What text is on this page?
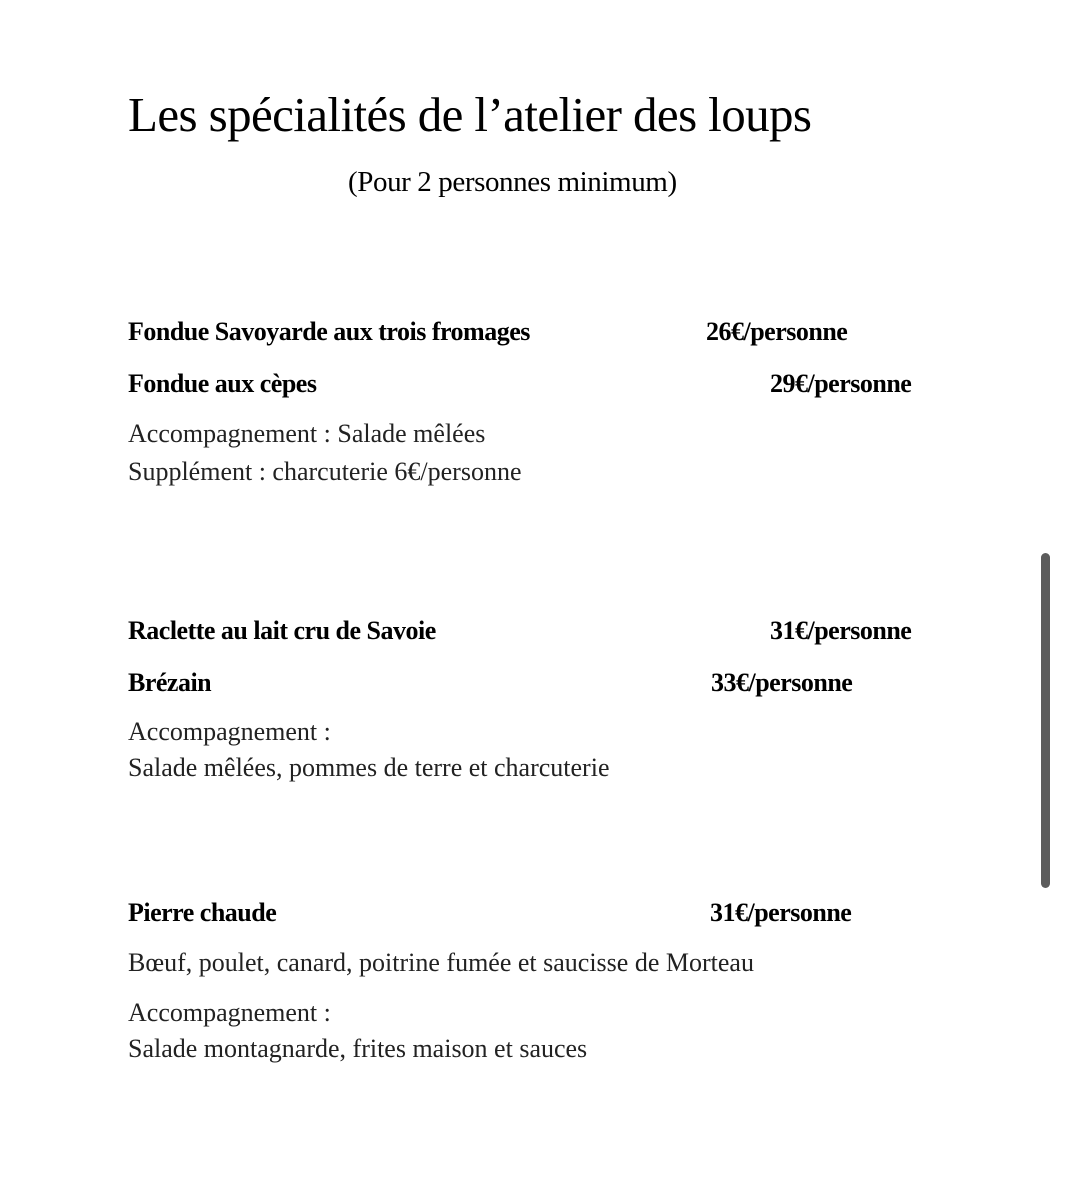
Les spécialités de l’atelier des loups
(Pour 2 personnes minimum)
Fondue Savoyarde aux trois fromages	26€/personne
Fondue aux cèpes	29€/personne
Accompagnement : Salade mêlées
Supplément : charcuterie 6€/personne
Raclette au lait cru de Savoie	31€/personne
Brézain	33€/personne
Accompagnement :
Salade mêlées, pommes de terre et charcuterie
Pierre chaude	31€/personne
Bœuf, poulet, canard, poitrine fumée et saucisse de Morteau
Accompagnement :
Salade montagnarde, frites maison et sauces
